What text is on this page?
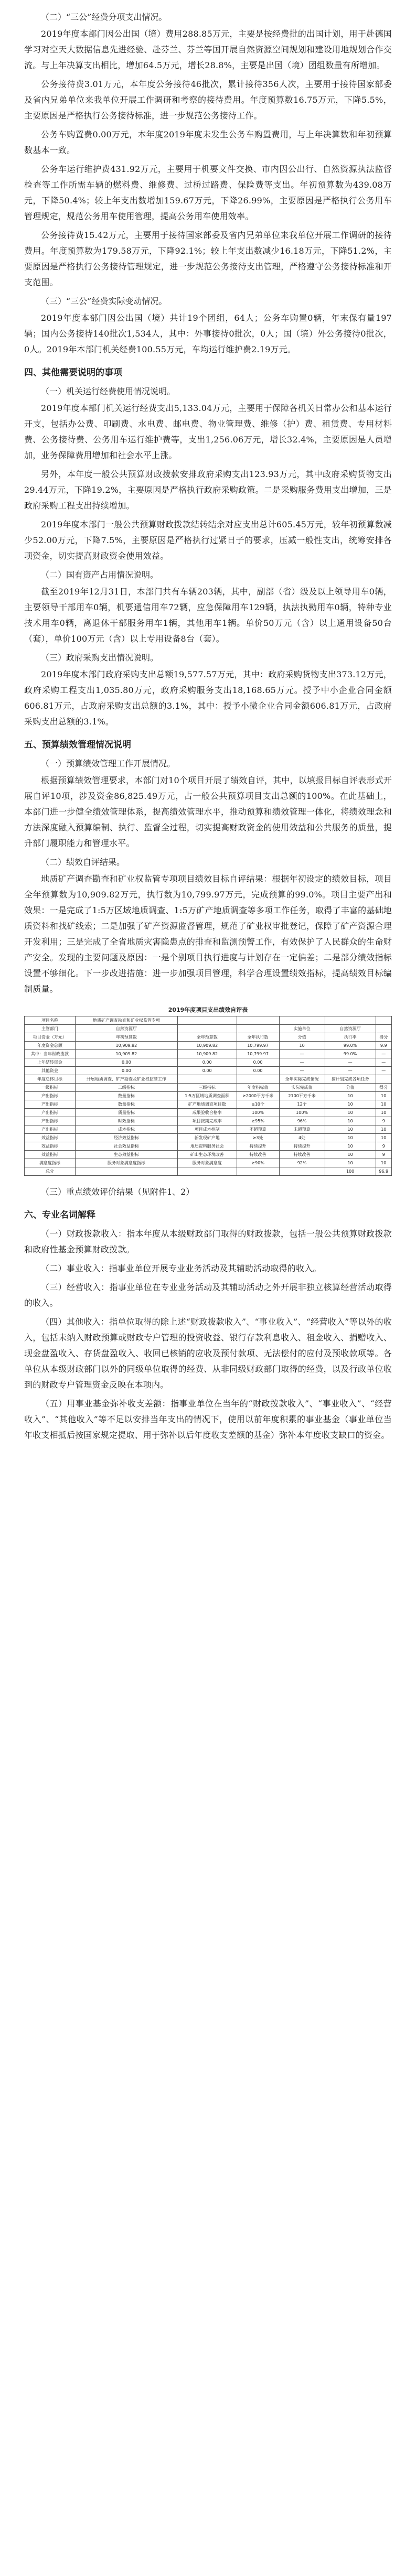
（二）“三公”经费分项支出情况。

2019年度本部门因公出国（境）费用288.85万元，主要是按经费批的出国计划，用于赴德国学习对空天大数据信息先进经验、赴芬兰、芬兰等国开展自然资源空间规划和建设用地规划合作交流。与上年决算支出相比，增加64.5万元，增长28.8%，主要是出国（境）团组数量有所增加。

公务接待费3.01万元，本年度公务接待46批次，累计接待356人次，主要用于接待国家部委及省内兄弟单位来我单位开展工作调研和考察的接待费用。年度预算数16.75万元，下降5.5%，主要原因是严格执行公务接待标准，进一步规范公务接待工作。

公务车购置费0.00万元，本年度2019年度未发生公务车购置费用，与上年决算数和年初预算数基本一致。

公务车运行维护费431.92万元，主要用于机要文件交换、市内因公出行、自然资源执法监督检查等工作所需车辆的燃料费、维修费、过桥过路费、保险费等支出。年初预算数为439.08万元，下降50.4%；较上年支出数增加159.67万元，下降26.99%，主要原因是严格执行公务用车管理规定，规范公务用车使用管理，提高公务用车使用效率。

公务接待费15.42万元，主要用于接待国家部委及省内兄弟单位来我单位开展工作调研的接待费用。年度预算数为179.58万元，下降92.1%；较上年支出数减少16.18万元，下降51.2%，主要原因是严格执行公务接待管理规定，进一步规范公务接待支出管理，严格遵守公务接待标准和开支范围。

（三）“三公”经费实际变动情况。

2019年度本部门因公出国（境）共计19个团组，64人；公务车购置0辆，年末保有量197辆；国内公务接待140批次1,534人，其中：外事接待0批次，0人；国（境）外公务接待0批次，0人。2019年本部门机关经费100.55万元，车均运行维护费2.19万元。

四、其他需要说明的事项
（一）机关运行经费使用情况说明。

2019年度本部门机关运行经费支出5,133.04万元，主要用于保障各机关日常办公和基本运行开支，包括办公费、印刷费、水电费、邮电费、物业管理费、维修（护）费、租赁费、专用材料费、公务接待费、公务用车运行维护费等，支出1,256.06万元，增长32.4%，主要原因是人员增加，业务保障费用增加和社会水平上涨。

另外，本年度一般公共预算财政拨款安排政府采购支出123.93万元，其中政府采购货物支出29.44万元，下降19.2%，主要原因是严格执行政府采购政策。二是采购服务费用支出增加，三是政府采购工程支出持续增加。

2019年度本部门一般公共预算财政拨款结转结余对应支出总计605.45万元，较年初预算数减少52.00万元，下降7.5%，主要原因是严格执行过紧日子的要求，压减一般性支出，统筹安排各项资金，切实提高财政资金使用效益。

（二）国有资产占用情况说明。

截至2019年12月31日，本部门共有车辆203辆，其中，副部（省）级及以上领导用车0辆，主要领导干部用车0辆，机要通信用车72辆，应急保障用车129辆，执法执勤用车0辆，特种专业技术用车0辆，离退休干部服务用车1辆，其他用车1辆。单价50万元（含）以上通用设备50台（套），单价100万元（含）以上专用设备8台（套）。

（三）政府采购支出情况说明。

2019年度本部门政府采购支出总额19,577.57万元，其中：政府采购货物支出373.12万元，政府采购工程支出1,035.80万元，政府采购服务支出18,168.65万元。授予中小企业合同金额606.81万元，占政府采购支出总额的3.1%，其中：授予小微企业合同金额606.81万元，占政府采购支出总额的3.1%。

五、预算绩效管理情况说明
（一）预算绩效管理工作开展情况。

根据预算绩效管理要求，本部门对10个项目开展了绩效自评，其中，以填报目标自评表形式开展自评10项，涉及资金86,825.49万元，占一般公共预算项目支出总额的100%。在此基础上，本部门进一步健全绩效管理体系，提高绩效管理水平，推动预算和绩效管理一体化，将绩效理念和方法深度融入预算编制、执行、监督全过程，切实提高财政资金的使用效益和公共服务的质量，提升部门履职能力和管理水平。

（二）绩效自评结果。

地质矿产调查勘查和矿业权监管专项项目绩效目标自评结果：根据年初设定的绩效目标，项目全年预算数为10,909.82万元，执行数为10,799.97万元，完成预算的99.0%。项目主要产出和效果：一是完成了1:5万区域地质调查、1:5万矿产地质调查等多项工作任务，取得了丰富的基础地质资料和找矿线索；二是加强了矿产资源监督管理，规范了矿业权审批登记，保障了矿产资源合理开发利用；三是完成了全省地质灾害隐患点的排查和监测预警工作，有效保护了人民群众的生命财产安全。发现的主要问题及原因：一是个别项目执行进度与计划存在一定偏差；二是部分绩效指标设置不够细化。下一步改进措施：进一步加强项目管理，科学合理设置绩效指标，提高绩效目标编制质量。

2019年度项目支出绩效自评表
项目名称	地质矿产调查勘查和矿业权监管专项					
主管部门	自然资源厅			实施单位	自然资源厅	
项目资金（万元）	年初预算数	全年预算数	全年执行数	分值	执行率	得分
年度资金总额	10,909.82	10,909.82	10,799.97	10	99.0%	9.9
其中：当年财政拨款	10,909.82	10,909.82	10,799.97	—	99.0%	—
上年结转资金	0.00	0.00	0.00	—	—	—
其他资金	0.00	0.00	0.00	—	—	—
年度总体目标	开展地质调查、矿产勘查及矿业权监管工作			全年实际完成情况	按计划完成各项任务	
一级指标	二级指标	三级指标	年度指标值	实际完成值	分值	得分
产出指标	数量指标	1:5万区域地质调查面积	≥2000平方千米	2100平方千米	10	10
产出指标	数量指标	矿产地质调查项目数	≥10个	12个	10	10
产出指标	质量指标	成果验收合格率	100%	100%	10	10
产出指标	时效指标	项目按期完成率	≥95%	96%	10	9
产出指标	成本指标	项目成本控制	不超预算	未超预算	10	10
效益指标	经济效益指标	新发现矿产地	≥3处	4处	10	10
效益指标	社会效益指标	地质资料服务社会	持续提升	持续提升	10	9
效益指标	生态效益指标	矿山生态环境改善	持续改善	持续改善	10	9
满意度指标	服务对象满意度指标	服务对象满意度	≥90%	92%	10	10
总分					100	96.9
（三）重点绩效评价结果（见附件1、2）
六、专业名词解释

（一）财政拨款收入：指本年度从本级财政部门取得的财政拨款，包括一般公共预算财政拨款和政府性基金预算财政拨款。

（二）事业收入：指事业单位开展专业业务活动及其辅助活动取得的收入。

（三）经营收入：指事业单位在专业业务活动及其辅助活动之外开展非独立核算经营活动取得的收入。

（四）其他收入：指单位取得的除上述“财政拨款收入”、“事业收入”、“经营收入”等以外的收入，包括未纳入财政预算或财政专户管理的投资收益、银行存款利息收入、租金收入、捐赠收入、现金盘盈收入、存货盘盈收入、收回已核销的应收及预付款项、无法偿付的应付及预收款项等。各单位从本级财政部门以外的同级单位取得的经费、从非同级财政部门取得的经费，以及行政单位收到的财政专户管理资金反映在本项内。

（五）用事业基金弥补收支差额：指事业单位在当年的“财政拨款收入”、“事业收入”、“经营收入”、“其他收入”等不足以安排当年支出的情况下，使用以前年度积累的事业基金（事业单位当年收支相抵后按国家规定提取、用于弥补以后年度收支差额的基金）弥补本年度收支缺口的资金。
